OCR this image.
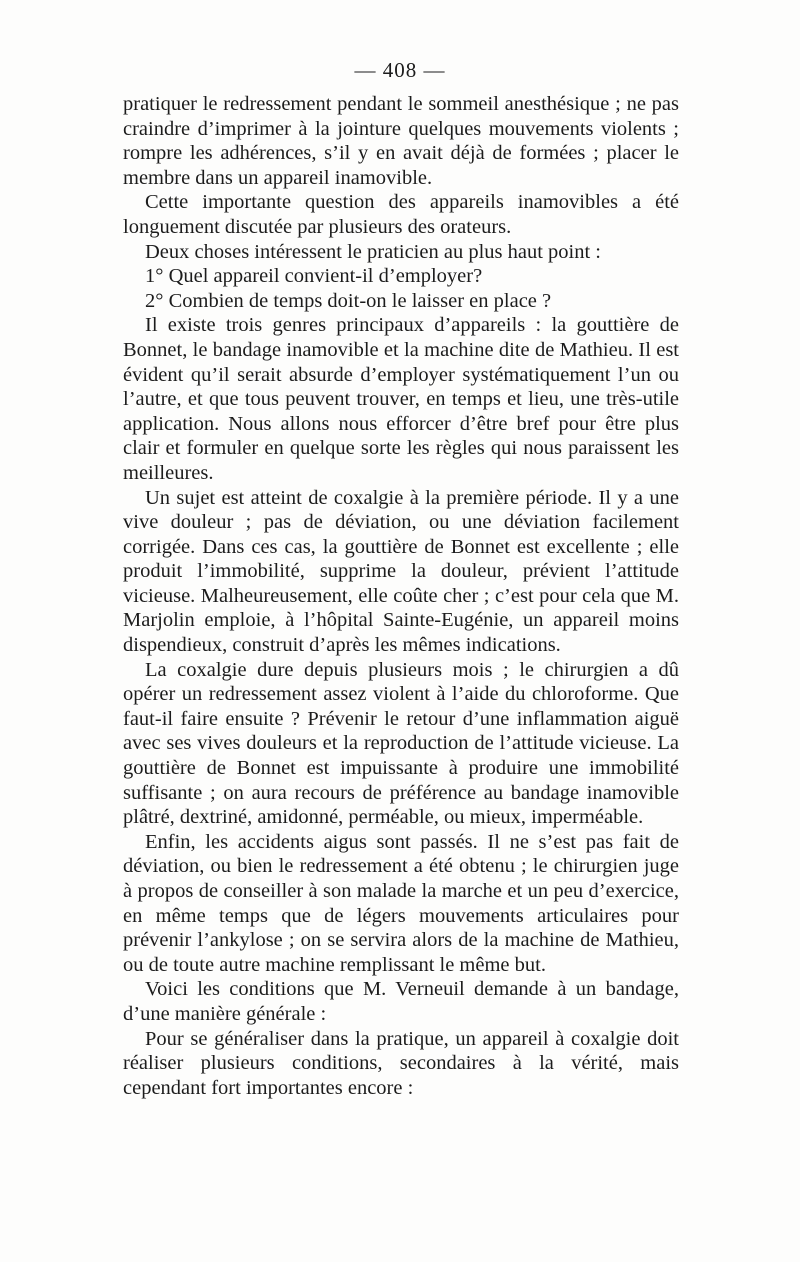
— 408 —

pratiquer le redressement pendant le sommeil anesthésique ; ne pas craindre d’imprimer à la jointure quelques mouvements violents ; rompre les adhérences, s’il y en avait déjà de formées ; placer le membre dans un appareil inamovible.

Cette importante question des appareils inamovibles a été longuement discutée par plusieurs des orateurs.

Deux choses intéressent le praticien au plus haut point :

1° Quel appareil convient-il d’employer?

2° Combien de temps doit-on le laisser en place ?

Il existe trois genres principaux d’appareils : la gouttière de Bonnet, le bandage inamovible et la machine dite de Mathieu. Il est évident qu’il serait absurde d’employer systématiquement l’un ou l’autre, et que tous peuvent trouver, en temps et lieu, une très-utile application. Nous allons nous efforcer d’être bref pour être plus clair et formuler en quelque sorte les règles qui nous paraissent les meilleures.

Un sujet est atteint de coxalgie à la première période. Il y a une vive douleur ; pas de déviation, ou une déviation facilement corrigée. Dans ces cas, la gouttière de Bonnet est excellente ; elle produit l’immobilité, supprime la douleur, prévient l’attitude vicieuse. Malheureusement, elle coûte cher ; c’est pour cela que M. Marjolin emploie, à l’hôpital Sainte-Eugénie, un appareil moins dispendieux, construit d’après les mêmes indications.

La coxalgie dure depuis plusieurs mois ; le chirurgien a dû opérer un redressement assez violent à l’aide du chloroforme. Que faut-il faire ensuite ? Prévenir le retour d’une inflammation aiguë avec ses vives douleurs et la reproduction de l’attitude vicieuse. La gouttière de Bonnet est impuissante à produire une immobilité suffisante ; on aura recours de préférence au bandage inamovible plâtré, dextriné, amidonné, perméable, ou mieux, imperméable.

Enfin, les accidents aigus sont passés. Il ne s’est pas fait de déviation, ou bien le redressement a été obtenu ; le chirurgien juge à propos de conseiller à son malade la marche et un peu d’exercice, en même temps que de légers mouvements articulaires pour prévenir l’ankylose ; on se servira alors de la machine de Mathieu, ou de toute autre machine remplissant le même but.

Voici les conditions que M. Verneuil demande à un bandage, d’une manière générale :

Pour se généraliser dans la pratique, un appareil à coxalgie doit réaliser plusieurs conditions, secondaires à la vérité, mais cependant fort importantes encore :
